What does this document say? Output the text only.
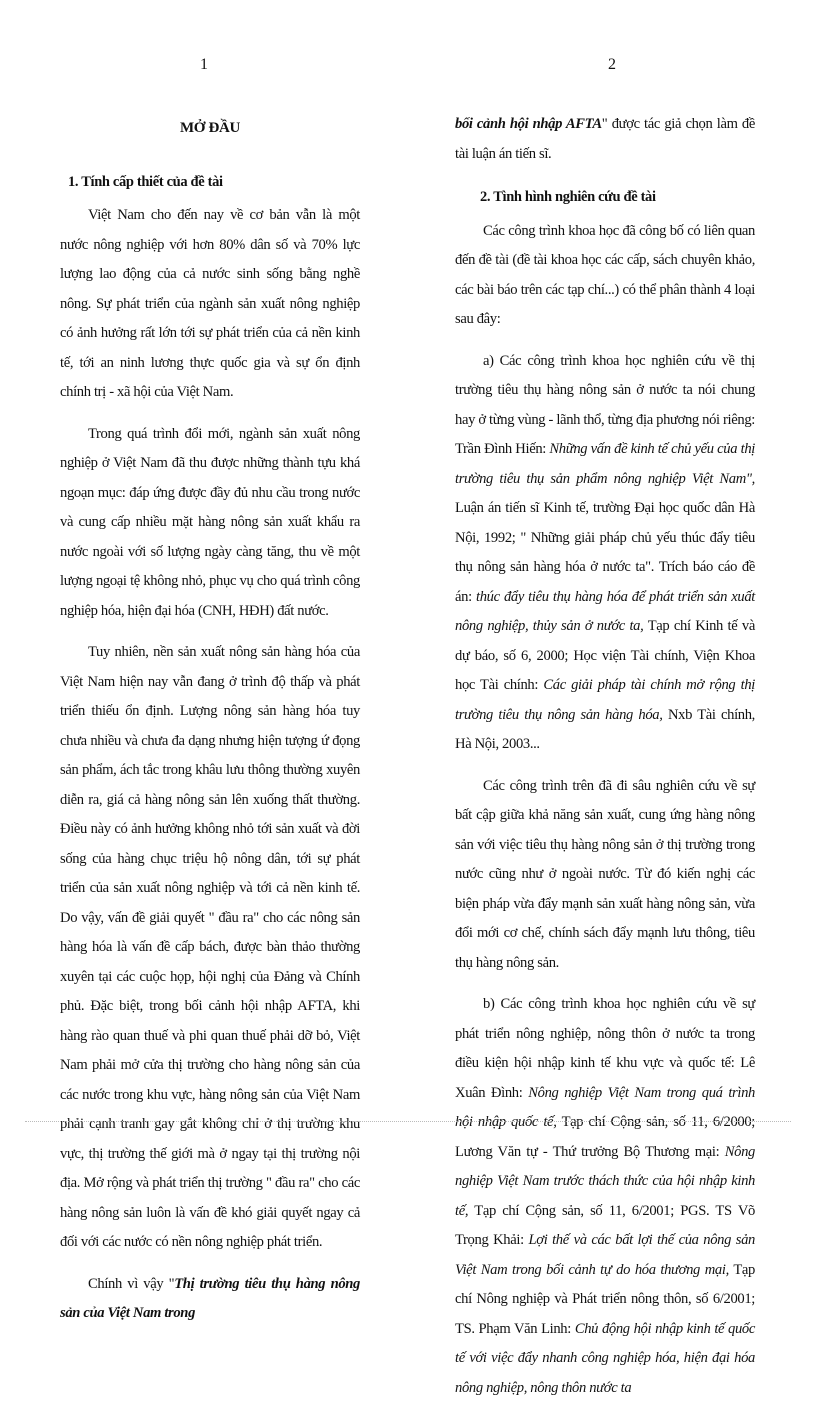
1
MỞ ĐẦU
1. Tính cấp thiết của đề tài

Việt Nam cho đến nay về cơ bản vẫn là một nước nông nghiệp với hơn 80% dân số và 70% lực lượng lao động của cả nước sinh sống bằng nghề nông. Sự phát triển của ngành sản xuất nông nghiệp có ảnh hưởng rất lớn tới sự phát triển của cả nền kinh tế, tới an ninh lương thực quốc gia và sự ổn định chính trị - xã hội của Việt Nam.

Trong quá trình đổi mới, ngành sản xuất nông nghiệp ở Việt Nam đã thu được những thành tựu khá ngoạn mục: đáp ứng được đầy đủ nhu cầu trong nước và cung cấp nhiều mặt hàng nông sản xuất khẩu ra nước ngoài với số lượng ngày càng tăng, thu về một lượng ngoại tệ không nhỏ, phục vụ cho quá trình công nghiệp hóa, hiện đại hóa (CNH, HĐH) đất nước.

Tuy nhiên, nền sản xuất nông sản hàng hóa của Việt Nam hiện nay vẫn đang ở trình độ thấp và phát triển thiếu ổn định. Lượng nông sản hàng hóa tuy chưa nhiều và chưa đa dạng nhưng hiện tượng ứ đọng sản phẩm, ách tắc trong khâu lưu thông thường xuyên diễn ra, giá cả hàng nông sản lên xuống thất thường. Điều này có ảnh hưởng không nhỏ tới sản xuất và đời sống của hàng chục triệu hộ nông dân, tới sự phát triển của sản xuất nông nghiệp và tới cả nền kinh tế. Do vậy, vấn đề giải quyết " đầu ra" cho các nông sản hàng hóa là vấn đề cấp bách, được bàn thảo thường xuyên tại các cuộc họp, hội nghị của Đảng và Chính phủ. Đặc biệt, trong bối cảnh hội nhập AFTA, khi hàng rào quan thuế và phi quan thuế phải dỡ bỏ, Việt Nam phải mở cửa thị trường cho hàng nông sản của các nước trong khu vực, hàng nông sản của Việt Nam phải cạnh tranh gay gắt không chỉ ở thị trường khu vực, thị trường thế giới mà ở ngay tại thị trường nội địa. Mở rộng và phát triển thị trường " đầu ra" cho các hàng nông sản luôn là vấn đề khó giải quyết ngay cả đối với các nước có nền nông nghiệp phát triển.

Chính vì vậy "Thị trường tiêu thụ hàng nông sản của Việt Nam trong

2

bối cảnh hội nhập AFTA" được tác giả chọn làm đề tài luận án tiến sĩ.

2. Tình hình nghiên cứu đề tài

Các công trình khoa học đã công bố có liên quan đến đề tài (đề tài khoa học các cấp, sách chuyên khảo, các bài báo trên các tạp chí...) có thể phân thành 4 loại sau đây:

a) Các công trình khoa học nghiên cứu về thị trường tiêu thụ hàng nông sản ở nước ta nói chung hay ở từng vùng - lãnh thổ, từng địa phương nói riêng: Trần Đình Hiến: Những vấn đề kinh tế chủ yếu của thị trường tiêu thụ sản phẩm nông nghiệp Việt Nam", Luận án tiến sĩ Kinh tế, trường Đại học quốc dân Hà Nội, 1992; " Những giải pháp chủ yếu thúc đẩy tiêu thụ nông sản hàng hóa ở nước ta". Trích báo cáo đề án: thúc đẩy tiêu thụ hàng hóa để phát triển sản xuất nông nghiệp, thủy sản ở nước ta, Tạp chí Kinh tế và dự báo, số 6, 2000; Học viện Tài chính, Viện Khoa học Tài chính: Các giải pháp tài chính mở rộng thị trường tiêu thụ nông sản hàng hóa, Nxb Tài chính, Hà Nội, 2003...

Các công trình trên đã đi sâu nghiên cứu về sự bất cập giữa khả năng sản xuất, cung ứng hàng nông sản với việc tiêu thụ hàng nông sản ở thị trường trong nước cũng như ở ngoài nước. Từ đó kiến nghị các biện pháp vừa đẩy mạnh sản xuất hàng nông sản, vừa đổi mới cơ chế, chính sách đẩy mạnh lưu thông, tiêu thụ hàng nông sản.

b) Các công trình khoa học nghiên cứu về sự phát triển nông nghiệp, nông thôn ở nước ta trong điều kiện hội nhập kinh tế khu vực và quốc tế: Lê Xuân Đình: Nông nghiệp Việt Nam trong quá trình hội nhập quốc tế, Tạp chí Cộng sản, số 11, 6/2000; Lương Văn tự - Thứ trưởng Bộ Thương mại: Nông nghiệp Việt Nam trước thách thức của hội nhập kinh tế, Tạp chí Cộng sản, số 11, 6/2001; PGS. TS Võ Trọng Khải: Lợi thế và các bất lợi thế của nông sản Việt Nam trong bối cảnh tự do hóa thương mại, Tạp chí Nông nghiệp và Phát triển nông thôn, số 6/2001; TS. Phạm Văn Linh: Chủ động hội nhập kinh tế quốc tế với việc đẩy nhanh công nghiệp hóa, hiện đại hóa nông nghiệp, nông thôn nước ta
